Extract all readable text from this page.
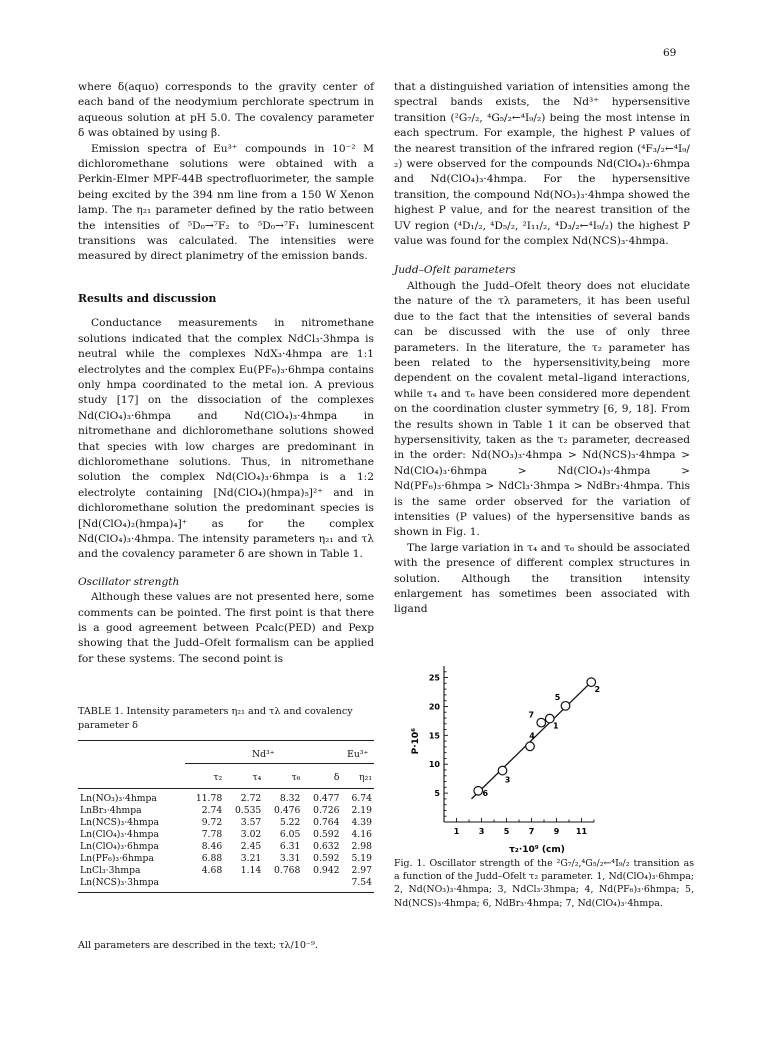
69

where δ(aquo) corresponds to the gravity center of each band of the neodymium perchlorate spectrum in aqueous solution at pH 5.0. The covalency parameter δ was obtained by using β.

Emission spectra of Eu³⁺ compounds in 10⁻² M dichloromethane solutions were obtained with a Perkin-Elmer MPF-44B spectrofluorimeter, the sample being excited by the 394 nm line from a 150 W Xenon lamp. The η₂₁ parameter defined by the ratio between the intensities of ⁵D₀→⁷F₂ to ⁵D₀→⁷F₁ luminescent transitions was calculated. The intensities were measured by direct planimetry of the emission bands.

Results and discussion

Conductance measurements in nitromethane solutions indicated that the complex NdCl₃·3hmpa is neutral while the complexes NdX₃·4hmpa are 1:1 electrolytes and the complex Eu(PF₆)₃·6hmpa contains only hmpa coordinated to the metal ion. A previous study [17] on the dissociation of the complexes Nd(ClO₄)₃·6hmpa and Nd(ClO₄)₃·4hmpa in nitromethane and dichloromethane solutions showed that species with low charges are predominant in dichloromethane solutions. Thus, in nitromethane solution the complex Nd(ClO₄)₃·6hmpa is a 1:2 electrolyte containing [Nd(ClO₄)(hmpa)₅]²⁺ and in dichloromethane solution the predominant species is [Nd(ClO₄)₂(hmpa)₄]⁺ as for the complex Nd(ClO₄)₃·4hmpa. The intensity parameters η₂₁ and τλ and the covalency parameter δ are shown in Table 1.

Oscillator strength

Although these values are not presented here, some comments can be pointed. The first point is that there is a good agreement between Pcalc(PED) and Pexp showing that the Judd–Ofelt formalism can be applied for these systems. The second point is

that a distinguished variation of intensities among the spectral bands exists, the Nd³⁺ hypersensitive transition (²G₇/₂, ⁴G₅/₂←⁴I₉/₂) being the most intense in each spectrum. For example, the highest P values of the nearest transition of the infrared region (⁴F₃/₂←⁴I₉/₂) were observed for the compounds Nd(ClO₄)₃·6hmpa and Nd(ClO₄)₃·4hmpa. For the hypersensitive transition, the compound Nd(NO₃)₃·4hmpa showed the highest P value, and for the nearest transition of the UV region (⁴D₁/₂, ⁴D₅/₂, ²I₁₁/₂, ⁴D₃/₂←⁴I₉/₂) the highest P value was found for the complex Nd(NCS)₃·4hmpa.

Judd–Ofelt parameters

Although the Judd–Ofelt theory does not elucidate the nature of the τλ parameters, it has been useful due to the fact that the intensities of several bands can be discussed with the use of only three parameters. In the literature, the τ₂ parameter has been related to the hypersensitivity,being more dependent on the covalent metal–ligand interactions, while τ₄ and τ₆ have been considered more dependent on the coordination cluster symmetry [6, 9, 18]. From the results shown in Table 1 it can be observed that hypersensitivity, taken as the τ₂ parameter, decreased in the order: Nd(NO₃)₃·4hmpa > Nd(NCS)₃·4hmpa > Nd(ClO₄)₃·6hmpa > Nd(ClO₄)₃·4hmpa > Nd(PF₆)₃·6hmpa > NdCl₃·3hmpa > NdBr₃·4hmpa. This is the same order observed for the variation of intensities (P values) of the hypersensitive bands as shown in Fig. 1.

The large variation in τ₄ and τ₆ should be associated with the presence of different complex structures in solution. Although the transition intensity enlargement has sometimes been associated with ligand

TABLE 1. Intensity parameters η₂₁ and τλ and covalency parameter δ
	Nd³⁺				Eu³⁺
	τ₂	τ₄	τ₆	δ	η₂₁
Ln(NO₃)₃·4hmpa	11.78	2.72	8.32	0.477	6.74
LnBr₃·4hmpa	2.74	0.535	0.476	0.726	2.19
Ln(NCS)₃·4hmpa	9.72	3.57	5.22	0.764	4.39
Ln(ClO₄)₃·4hmpa	7.78	3.02	6.05	0.592	4.16
Ln(ClO₄)₃·6hmpa	8.46	2.45	6.31	0.632	2.98
Ln(PF₆)₃·6hmpa	6.88	3.21	3.31	0.592	5.19
LnCl₃·3hmpa	4.68	1.14	0.768	0.942	2.97
Ln(NCS)₃·3hmpa					7.54
All parameters are described in the text; τλ/10⁻⁹.
1 3 5 7 9 11
5
10
15
20
25
τ₂·10⁹ (cm)
P·10⁶
6
3
4
7
1
5
2
Fig. 1. Oscillator strength of the ²G₇/₂,⁴G₅/₂←⁴I₉/₂ transition as a function of the Judd–Ofelt τ₂ parameter. 1, Nd(ClO₄)₃·6hmpa; 2, Nd(NO₃)₃·4hmpa; 3, NdCl₃·3hmpa; 4, Nd(PF₆)₃·6hmpa; 5, Nd(NCS)₃·4hmpa; 6, NdBr₃·4hmpa; 7, Nd(ClO₄)₃·4hmpa.
